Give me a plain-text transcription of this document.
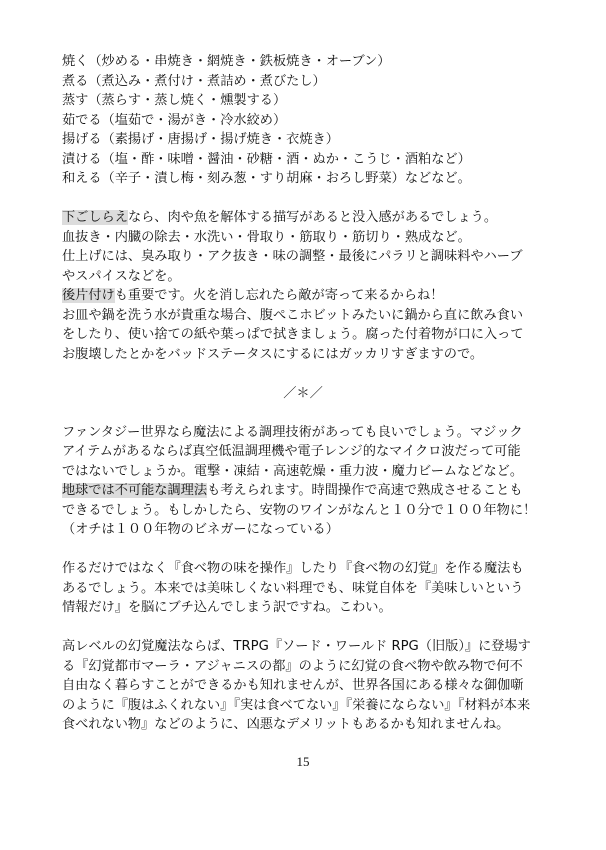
焼く（炒める・串焼き・網焼き・鉄板焼き・オーブン）
煮る（煮込み・煮付け・煮詰め・煮びたし）
蒸す（蒸らす・蒸し焼く・燻製する）
茹でる（塩茹で・湯がき・冷水絞め）
揚げる（素揚げ・唐揚げ・揚げ焼き・衣焼き）
漬ける（塩・酢・味噌・醤油・砂糖・酒・ぬか・こうじ・酒粕など）
和える（辛子・漬し梅・刻み葱・すり胡麻・おろし野菜）などなど。
下ごしらえなら、肉や魚を解体する描写があると没入感があるでしょう。
血抜き・内臓の除去・水洗い・骨取り・筋取り・筋切り・熟成など。
仕上げには、臭み取り・アク抜き・味の調整・最後にパラリと調味料やハーブ
やスパイスなどを。
後片付けも重要です。火を消し忘れたら敵が寄って来るからね！
お皿や鍋を洗う水が貴重な場合、腹ぺこホビットみたいに鍋から直に飲み食い
をしたり、使い捨ての紙や葉っぱで拭きましょう。腐った付着物が口に入って
お腹壊したとかをバッドステータスにするにはガッカリすぎますので。
／＊／
ファンタジー世界なら魔法による調理技術があっても良いでしょう。マジック
アイテムがあるならば真空低温調理機や電子レンジ的なマイクロ波だって可能
ではないでしょうか。電撃・凍結・高速乾燥・重力波・魔力ビームなどなど。
地球では不可能な調理法も考えられます。時間操作で高速で熟成させることも
できるでしょう。もしかしたら、安物のワインがなんと１０分で１００年物に！
（オチは１００年物のビネガーになっている）
作るだけではなく『食べ物の味を操作』したり『食べ物の幻覚』を作る魔法も
あるでしょう。本来では美味しくない料理でも、味覚自体を『美味しいという
情報だけ』を脳にブチ込んでしまう訳ですね。こわい。
高レベルの幻覚魔法ならば、TRPG『ソード・ワールド RPG（旧版）』に登場す
る『幻覚都市マーラ・アジャニスの都』のように幻覚の食べ物や飲み物で何不
自由なく暮らすことができるかも知れませんが、世界各国にある様々な御伽噺
のように『腹はふくれない』『実は食べてない』『栄養にならない』『材料が本来
食べれない物』などのように、凶悪なデメリットもあるかも知れませんね。
15
